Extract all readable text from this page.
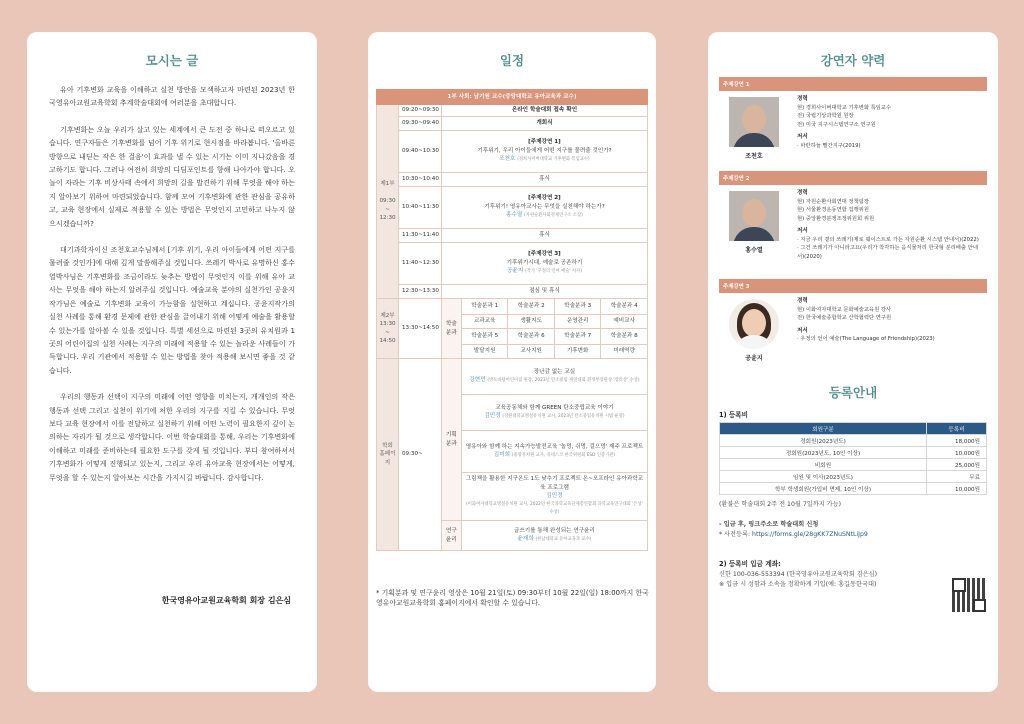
모시는 글

유아 기후변화 교육을 이해하고 실천 방안을 모색하고자 마련된 2023년 한국영유아교원교육학회 추계학술대회에 여러분을 초대합니다.

기후변화는 오늘 우리가 살고 있는 세계에서 큰 도전 중 하나로 떠오르고 있습니다. 연구자들은 기후변화를 넘어 기후 위기로 현시점을 바라봅니다. '올바른 방향으로 내딛는 작은 한 걸음'이 효과를 낼 수 있는 시기는 이미 지나갔음을 경고하기도 합니다. 그러나 여전히 희망의 디딤포인트를 향해 나아가야 합니다. 오늘이 자라는 기후 비상사태 속에서 희망의 길을 발견하기 위해 무엇을 해야 하는지 알아보기 위하여 마련되었습니다. 함께 모여 기후변화에 관한 관심을 공유하고, 교육 현장에서 실제로 적용할 수 있는 방법은 무엇인지 고민하고 나누지 않으시겠습니까?

대기과학자이신 조천호교수님께서 [기후 위기, 우리 아이들에게 어떤 지구를 물려줄 것인가]에 대해 깊게 말씀해주실 것입니다. 쓰레기 박사로 유명하신 홍수열박사님은 기후변화를 조금이라도 늦추는 방법이 무엇인지 이를 위해 유아 교사는 무엇을 해야 하는지 알려주실 것입니다. 예술교육 분야의 실천가인 공윤지 작가님은 예술로 기후변화 교육이 가능함을 실현하고 계십니다. 공윤지작가의 실천 사례를 통해 환경 문제에 관한 관심을 끌어내기 위해 어떻게 예술을 활용할 수 있는가를 알아볼 수 있을 것입니다. 특별 세션으로 마련된 3곳의 유치원과 1곳의 어린이집의 실천 사례는 지구의 미래에 적용할 수 있는 놀라운 사례들이 가득합니다. 우리 기관에서 적용할 수 있는 방법을 찾아 적용해 보시면 좋을 것 같습니다.

우리의 행동과 선택이 지구의 미래에 어떤 영향을 미치는지, 개개인의 작은 행동과 선택 그리고 실천이 위기에 처한 우리의 지구를 지킬 수 있습니다. 무엇보다 교육 현장에서 이를 전달하고 실천하기 위해 어떤 노력이 필요한지 깊이 논의하는 자리가 될 것으로 생각합니다. 이번 학술대회를 통해, 우리는 기후변화에 이해하고 미래를 준비하는데 필요한 도구를 갖게 될 것입니다. 부디 참여하셔서 기후변화가 어떻게 진행되고 있는지, 그리고 우리 유아교육 현장에서는 어떻게, 무엇을 할 수 있는지 알아보는 시간을 가지시길 바랍니다. 감사합니다.

한국영유아교원교육학회 회장 김은심
일정
1부 사회: 남기원 교수(중앙대학교 유아교육과 교수)						
제1부

09:30 ~ 12:30	09:20~09:30	온라인 학술대회 접속 확인				
	09:30~09:40	개회식				
	09:40~10:30	[주제강연 1]
기후위기, 우리 아이들에게 어떤 지구를 물려줄 것인가?
조천호 (경희사이버대학교 기후변화 특임교수)				

	10:30~10:40	휴식				
	10:40~11:30	[주제강연 2]
기후위기! 영유아교사는 무엇을 실천해야 하는가?
홍수열 (자원순환사회경제연구소 소장)				

	11:30~11:40	휴식				
	11:40~12:30	[주제강연 3]
기후위기시대, 예술로 공존하기
공윤지 (작가 '우정의 언어 예술' 저자)				

	12:30~13:30	점심 및 휴식				
제2부
13:30 ~ 14:50	13:30~14:50	학술분과	학술분과 1	학술분과 2	학술분과 3	학술분과 4
			교과교육	생활지도	운영관리	예비교사
			학술분과 5	학술분과 6	학술분과 7	학술분과 8
			발달지원	교사지원	기후변화	미래역량
학회 홈페이지	09:30~	기획분과	장난감 없는 교실
강현민 (방포바탕어린이집 원장, 2023년 탄소중립 경연대회 환경부장관상 '장려상' 수상)			

			교육공동체와 함께 GREEN 탄소중립교육 이야기
김민정 (강원대학교병설유치원 교사, 2023년 탄소중립유치원 시범 운영)			

			영유아와 함께 하는 지속가능발전교육 '놀멍, 쉬멍, 걸으멍' 제주 프로젝트
김미희 (중앙유치원 교사, 유네스코 한국위원회 ESD 인증기관)			

			그림책을 활용한 지구온도 1도 낮추기 프로젝트 온~오프라인 유아과학교육 프로그램
김민정
(이화여자대학교병설유치원 교사, 2022년 한국과학교육단체총연합회 과학교육연구대회 '은상' 수상)			

		연구윤리	글쓰기를 통해 완성되는 연구윤리
윤재희 (한남대학교 유아교육과 교수)			
* 기획분과 및 연구윤리 영상은 10월 21일(토) 09:30부터 10월 22일(일) 18:00까지 한국영유아교원교육학회 홈페이지에서 확인할 수 있습니다.
강연자 약력
주제강연 1
조천호
경력
현) 경희사이버대학교 기후변화 특임교수
전) 국립기상과학원 원장
전) 미국 지구시스템연구소 연구원
저서
· 파란하늘 빨간지구(2019)
주제강연 2
홍수열
경력
현) 자원순환사회연대 정책팀장
현) 서울환경운동연합 집행위원
현) 중앙환경분쟁조정위원회 위원
저서
· 지금 우리 곁의 쓰레기(제로 웨이스트로 가는 자원순환 시스템 안내서)(2022)
· 그건 쓰레기가 아니라고요(우리가 착각하는 음식물처리 한국형 분리배출 안내서)(2020)
주제강연 3
공윤지
경력
현) 이화여자대학교 문화예술교육원 강사
전) 한국예술종합학교 산학협력단 연구원
저서
· 우정의 언어 예술(The Language of Friendship)(2023)
등록안내
1) 등록비
회원구분	등록비
정회원(2023년도)	18,000원
정회원(2023년도, 10인 이상)	10,000원
비회원	25,000원
임원 및 이사(2023년도)	무료
학부 학생회원(가입비 면제, 10인 이상)	10,000원
(환불은 학술대회 2주 전 10월 7일까지 가능)
- 입금 후, 링크주소로 학술대회 신청
* 사전등록: https://forms.gle/28gKK7ZNuSNtLiJp9
2) 등록비 입금 계좌:
신한 100-036-553394 (한국영유아교원교육학회 김은심)
※ 입금 시 성함과 소속을 정확하게 기입(예: 홍길동한국대)
